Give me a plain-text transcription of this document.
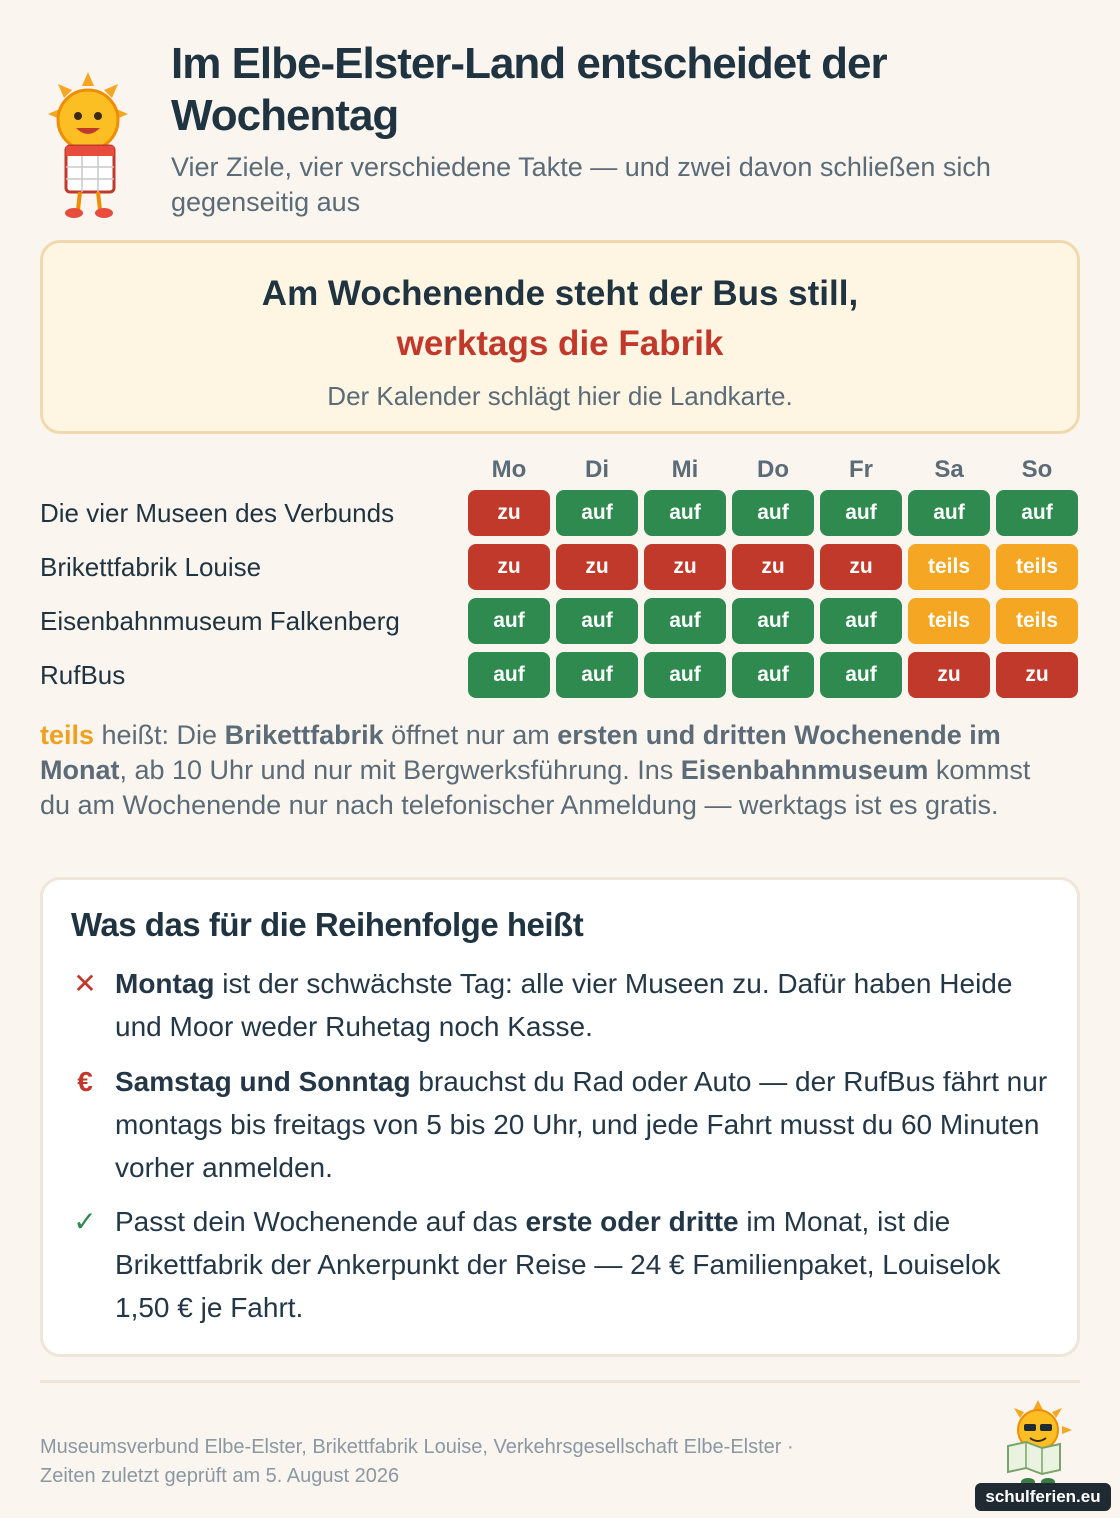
Im Elbe-Elster-Land entscheidet der Wochentag
Vier Ziele, vier verschiedene Takte — und zwei davon schließen sich gegenseitig aus
Am Wochenende steht der Bus still,
werktags die Fabrik
Der Kalender schlägt hier die Landkarte.
Mo	Di	Mi	Do	Fr	Sa	So
Die vier Museen des Verbunds	zu	auf	auf	auf	auf	auf	auf
Brikettfabrik Louise	zu	zu	zu	zu	zu	teils	teils
Eisenbahnmuseum Falkenberg	auf	auf	auf	auf	auf	teils	teils
RufBus	auf	auf	auf	auf	auf	zu	zu
teils heißt: Die Brikettfabrik öffnet nur am ersten und dritten Wochenende im Monat, ab 10 Uhr und nur mit Bergwerksführung. Ins Eisenbahnmuseum kommst du am Wochenende nur nach telefonischer Anmeldung — werktags ist es gratis.
Was das für die Reihenfolge heißt
✕ Montag ist der schwächste Tag: alle vier Museen zu. Dafür haben Heide und Moor weder Ruhetag noch Kasse.
€ Samstag und Sonntag brauchst du Rad oder Auto — der RufBus fährt nur montags bis freitags von 5 bis 20 Uhr, und jede Fahrt musst du 60 Minuten vorher anmelden.
✓ Passt dein Wochenende auf das erste oder dritte im Monat, ist die Brikettfabrik der Ankerpunkt der Reise — 24 € Familienpaket, Louiselok 1,50 € je Fahrt.
Museumsverbund Elbe-Elster, Brikettfabrik Louise, Verkehrsgesellschaft Elbe-Elster ·
Zeiten zuletzt geprüft am 5. August 2026
schulferien.eu
